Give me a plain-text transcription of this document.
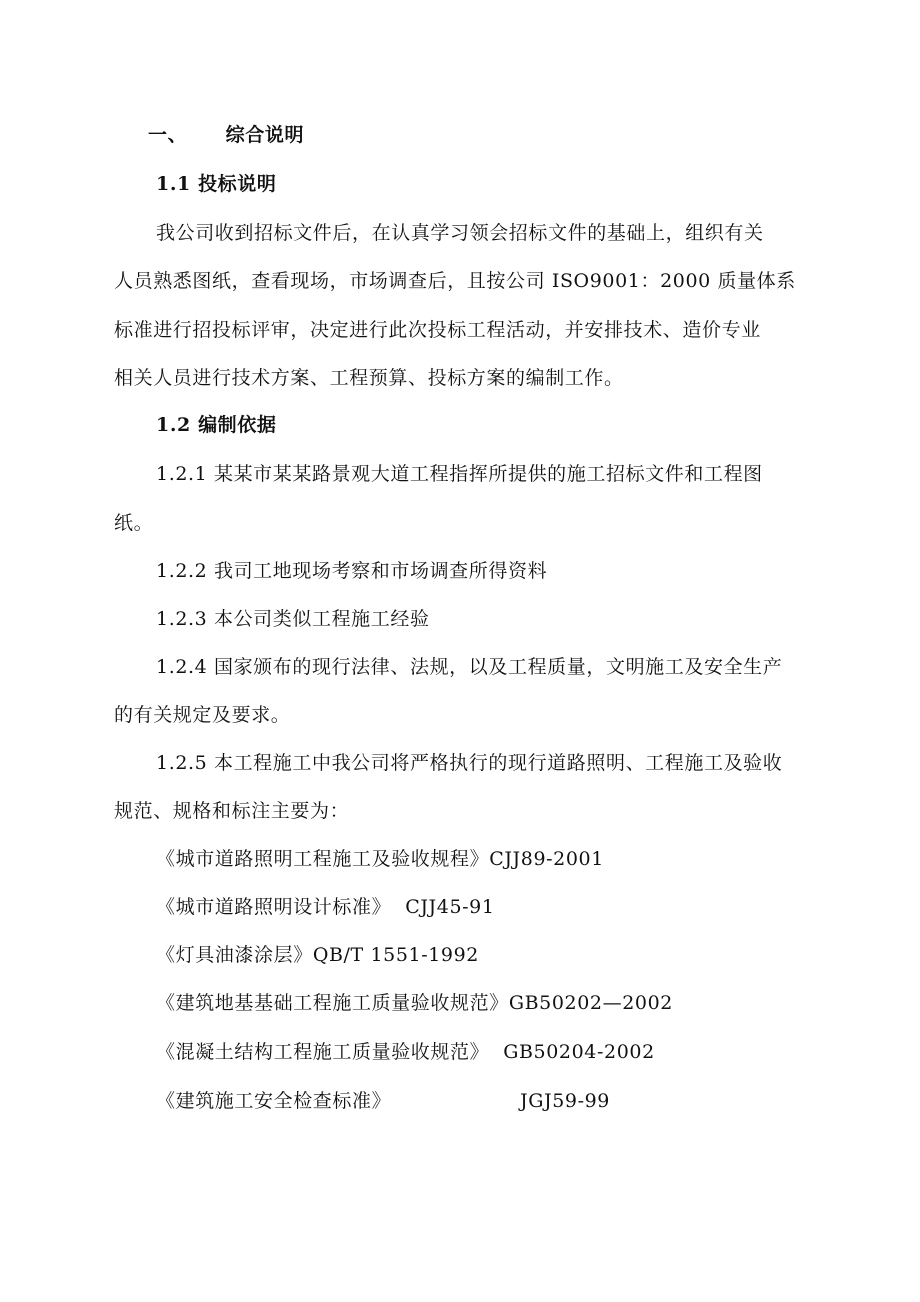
一、 综合说明
1.1 投标说明
我公司收到招标文件后，在认真学习领会招标文件的基础上，组织有关
人员熟悉图纸，查看现场，市场调查后，且按公司 ISO9001：2000 质量体系
标准进行招投标评审，决定进行此次投标工程活动，并安排技术、造价专业
相关人员进行技术方案、工程预算、投标方案的编制工作。
1.2 编制依据
1.2.1 某某市某某路景观大道工程指挥所提供的施工招标文件和工程图
纸。
1.2.2 我司工地现场考察和市场调查所得资料
1.2.3 本公司类似工程施工经验
1.2.4 国家颁布的现行法律、法规，以及工程质量，文明施工及安全生产
的有关规定及要求。
1.2.5 本工程施工中我公司将严格执行的现行道路照明、工程施工及验收
规范、规格和标注主要为：
《城市道路照明工程施工及验收规程》CJJ89-2001
《城市道路照明设计标准》 CJJ45-91
《灯具油漆涂层》QB/T 1551-1992
《建筑地基基础工程施工质量验收规范》GB50202—2002
《混凝土结构工程施工质量验收规范》 GB50204-2002
《建筑施工安全检查标准》	JGJ59-99
